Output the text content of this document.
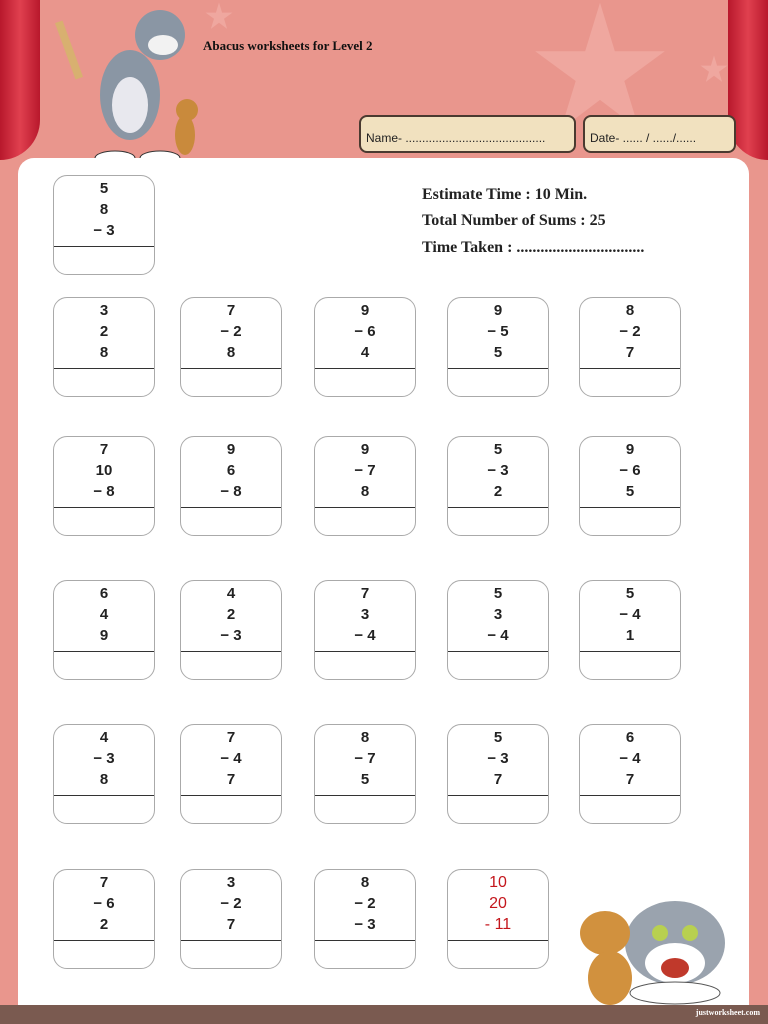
Abacus worksheets for Level 2
Name- ..........................................	Date- ...... / ....../......
Estimate Time : 10 Min.
Total Number of Sums : 25
Time Taken : ................................
5
8
− 3
3
2
8
7
− 2
8
9
− 6
4
9
− 5
5
8
− 2
7
7
10
− 8
9
6
− 8
9
− 7
8
5
− 3
2
9
− 6
5
6
4
9
4
2
− 3
7
3
− 4
5
3
− 4
5
− 4
1
4
− 3
8
7
− 4
7
8
− 7
5
5
− 3
7
6
− 4
7
7
− 6
2
3
− 2
7
8
− 2
− 3
10
20
- 11
justworksheet.com
